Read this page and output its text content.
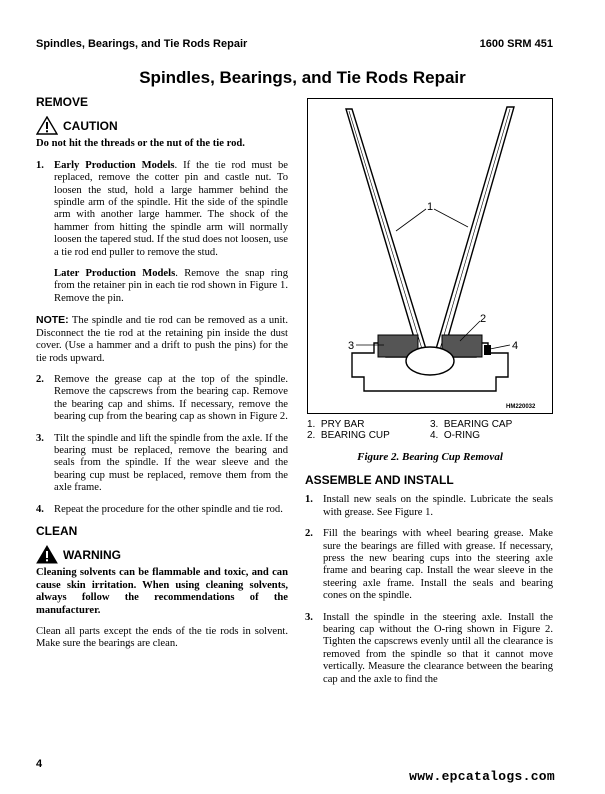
Spindles, Bearings, and Tie Rods Repair	1600 SRM 451
Spindles, Bearings, and Tie Rods Repair
REMOVE
CAUTION
Do not hit the threads or the nut of the tie rod.
1. Early Production Models. If the tie rod must be replaced, remove the cotter pin and castle nut. To loosen the stud, hold a large hammer behind the spindle arm of the spindle. Hit the side of the spindle arm with another large hammer. The shock of the hammer from hitting the spindle arm will normally loosen the tapered stud. If the stud does not loosen, use a tie rod end puller to remove the stud.
Later Production Models. Remove the snap ring from the retainer pin in each tie rod shown in Figure 1. Remove the pin.
NOTE: The spindle and tie rod can be removed as a unit. Disconnect the tie rod at the retaining pin inside the dust cover. (Use a hammer and a drift to push the pins) for the tie rods upward.
2. Remove the grease cap at the top of the spindle. Remove the capscrews from the bearing cap. Remove the bearing cap and shims. If necessary, remove the bearing cup from the bearing cap as shown in Figure 2.
3. Tilt the spindle and lift the spindle from the axle. If the bearing must be replaced, remove the bearing and seals from the spindle. If the wear sleeve and the bearing cup must be replaced, remove them from the axle frame.
4. Repeat the procedure for the other spindle and tie rod.
CLEAN
WARNING
Cleaning solvents can be flammable and toxic, and can cause skin irritation. When using cleaning solvents, always follow the recommendations of the manufacturer.
Clean all parts except the ends of the tie rods in solvent. Make sure the bearings are clean.
1
2
3	4
HM220032
1. PRY BAR	3. BEARING CAP
2. BEARING CUP	4. O-RING
Figure 2. Bearing Cup Removal
ASSEMBLE AND INSTALL
1. Install new seals on the spindle. Lubricate the seals with grease. See Figure 1.
2. Fill the bearings with wheel bearing grease. Make sure the bearings are filled with grease. If necessary, press the new bearing cups into the steering axle frame and bearing cap. Install the wear sleeve in the steering axle frame. Install the seals and bearing cones on the spindle.
3. Install the spindle in the steering axle. Install the bearing cap without the O-ring shown in Figure 2. Tighten the capscrews evenly until all the clearance is removed from the spindle so that it cannot move vertically. Measure the clearance between the bearing cap and the axle to find the
4
www.epcatalogs.com
